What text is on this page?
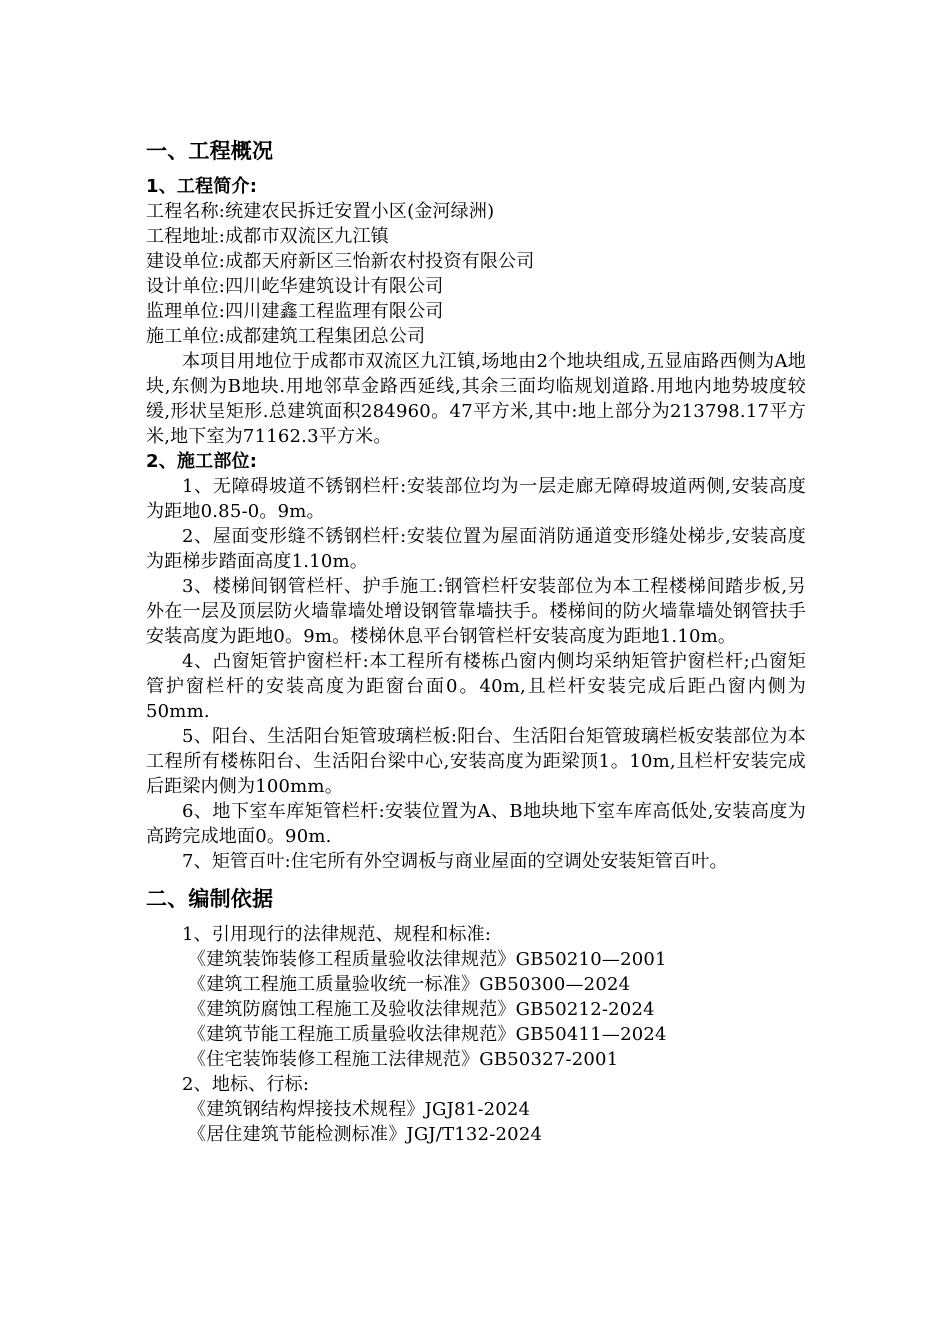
一、工程概况
1、工程简介:

工程名称:统建农民拆迁安置小区(金河绿洲)

工程地址:成都市双流区九江镇

建设单位:成都天府新区三怡新农村投资有限公司

设计单位:四川屹华建筑设计有限公司

监理单位:四川建鑫工程监理有限公司

施工单位:成都建筑工程集团总公司

本项目用地位于成都市双流区九江镇,场地由2个地块组成,五显庙路西侧为A地块,东侧为B地块.用地邻草金路西延线,其余三面均临规划道路.用地内地势坡度较缓,形状呈矩形.总建筑面积284960。47平方米,其中:地上部分为213798.17平方米,地下室为71162.3平方米。

2、施工部位:

1、无障碍坡道不锈钢栏杆:安装部位均为一层走廊无障碍坡道两侧,安装高度为距地0.85-0。9m。

2、屋面变形缝不锈钢栏杆:安装位置为屋面消防通道变形缝处梯步,安装高度为距梯步踏面高度1.10m。

3、楼梯间钢管栏杆、护手施工:钢管栏杆安装部位为本工程楼梯间踏步板,另外在一层及顶层防火墙靠墙处增设钢管靠墙扶手。楼梯间的防火墙靠墙处钢管扶手安装高度为距地0。9m。楼梯休息平台钢管栏杆安装高度为距地1.10m。

4、凸窗矩管护窗栏杆:本工程所有楼栋凸窗内侧均采纳矩管护窗栏杆;凸窗矩管护窗栏杆的安装高度为距窗台面0。40m,且栏杆安装完成后距凸窗内侧为50mm.

5、阳台、生活阳台矩管玻璃栏板:阳台、生活阳台矩管玻璃栏板安装部位为本工程所有楼栋阳台、生活阳台梁中心,安装高度为距梁顶1。10m,且栏杆安装完成后距梁内侧为100mm。

6、地下室车库矩管栏杆:安装位置为A、B地块地下室车库高低处,安装高度为高跨完成地面0。90m.

7、矩管百叶:住宅所有外空调板与商业屋面的空调处安装矩管百叶。

二、编制依据

1、引用现行的法律规范、规程和标准:

《建筑装饰装修工程质量验收法律规范》GB50210—2001

《建筑工程施工质量验收统一标准》GB50300—2024

《建筑防腐蚀工程施工及验收法律规范》GB50212-2024

《建筑节能工程施工质量验收法律规范》GB50411—2024

《住宅装饰装修工程施工法律规范》GB50327-2001

2、地标、行标:

《建筑钢结构焊接技术规程》JGJ81-2024

《居住建筑节能检测标准》JGJ/T132-2024
